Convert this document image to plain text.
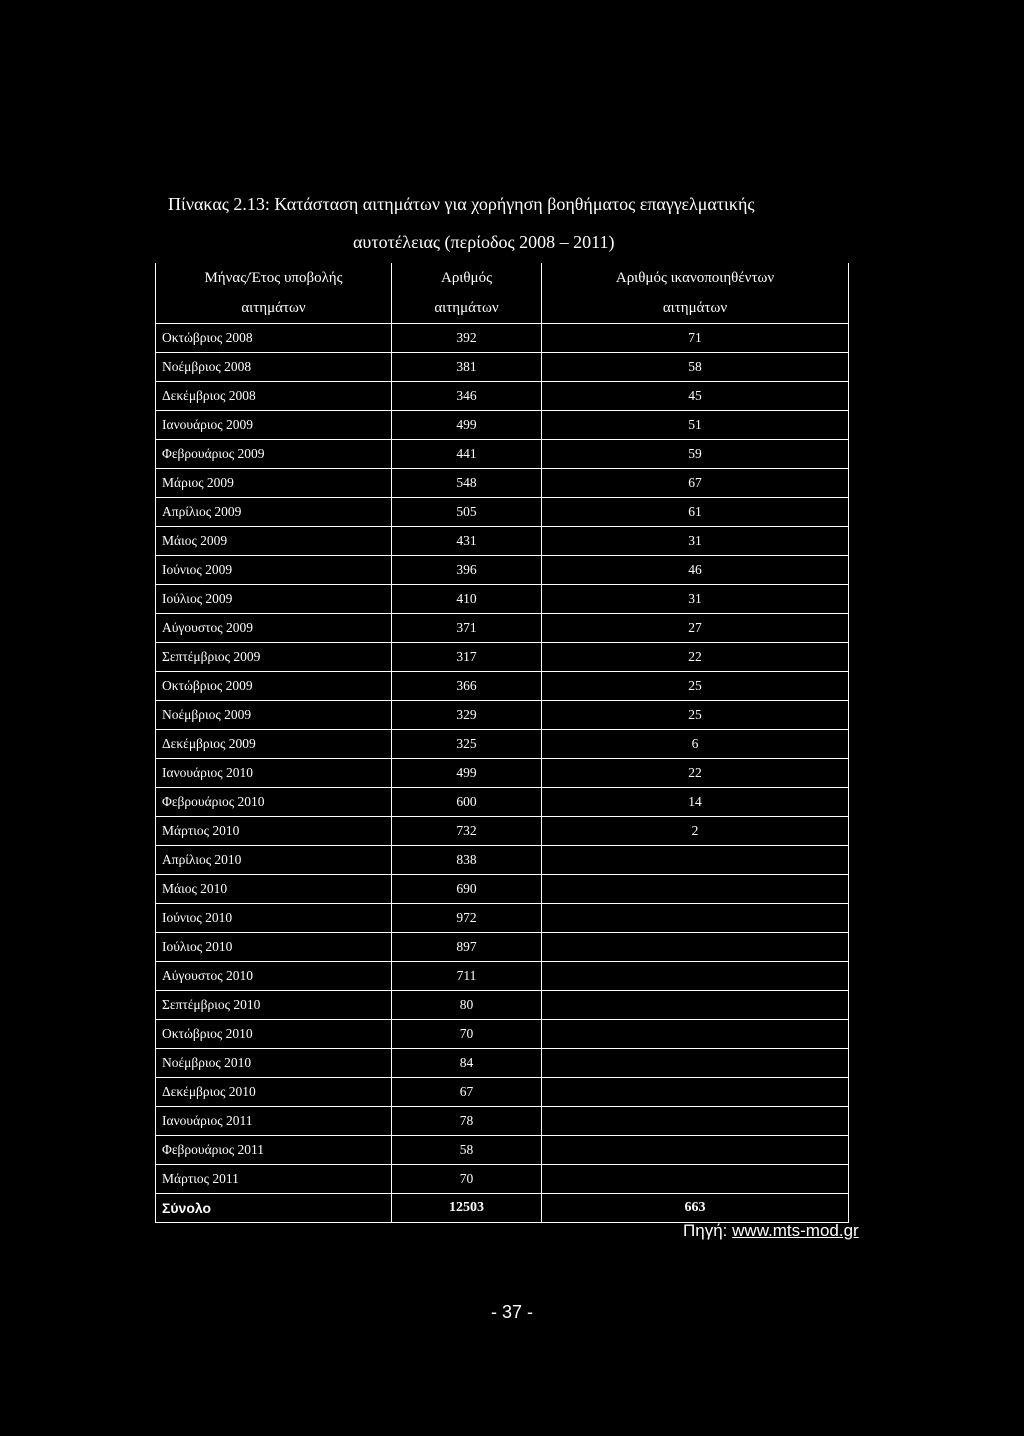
Πίνακας 2.13: Κατάσταση αιτημάτων για χορήγηση βοηθήματος επαγγελματικής
αυτοτέλειας (περίοδος 2008 – 2011)
Μήνας/Έτος υποβολής	Αριθμός	Αριθμός ικανοποιηθέντων
αιτημάτων	αιτημάτων	αιτημάτων
Οκτώβριος 2008	392	71
Νοέμβριος 2008	381	58
Δεκέμβριος 2008	346	45
Ιανουάριος 2009	499	51
Φεβρουάριος 2009	441	59
Μάριος 2009	548	67
Απρίλιος 2009	505	61
Μάιος 2009	431	31
Ιούνιος 2009	396	46
Ιούλιος 2009	410	31
Αύγουστος 2009	371	27
Σεπτέμβριος 2009	317	22
Οκτώβριος 2009	366	25
Νοέμβριος 2009	329	25
Δεκέμβριος 2009	325	6
Ιανουάριος 2010	499	22
Φεβρουάριος 2010	600	14
Μάρτιος 2010	732	2
Απρίλιος 2010	838	
Μάιος 2010	690	
Ιούνιος 2010	972	
Ιούλιος 2010	897	
Αύγουστος 2010	711	
Σεπτέμβριος 2010	80	
Οκτώβριος 2010	70	
Νοέμβριος 2010	84	
Δεκέμβριος 2010	67	
Ιανουάριος 2011	78	
Φεβρουάριος 2011	58	
Μάρτιος 2011	70	
Σύνολο	12503	663
Πηγή: www.mts-mod.gr
- 37 -
